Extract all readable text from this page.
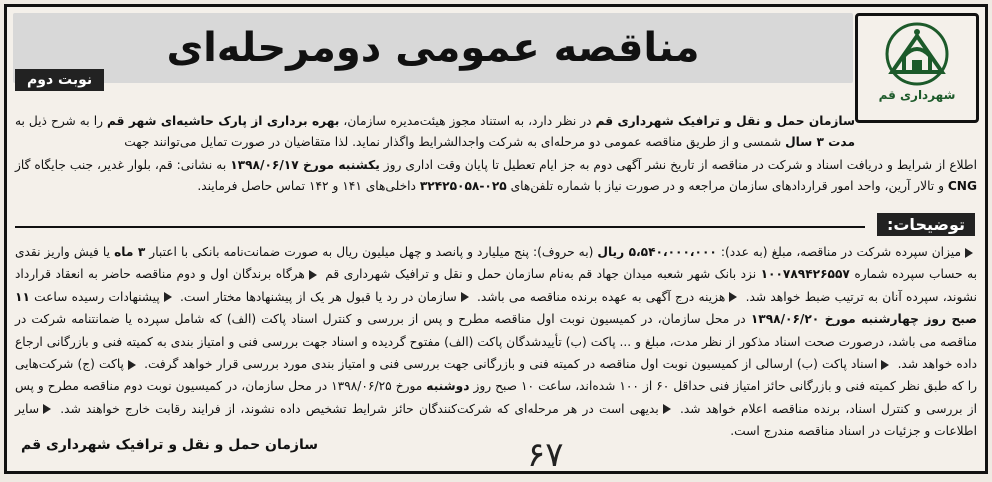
مناقصه عمومی دومرحله‌ای
نوبت دوم
شهرداری قم
سازمان حمل و نقل و ترافیک شهرداری قم در نظر دارد، به استناد مجوز هیئت‌مدیره سازمان، بهره برداری از پارک حاشیه‌ای شهر قم را به شرح ذیل به مدت ۳ سال شمسی و از طریق مناقصه عمومی دو مرحله‌ای به شرکت واجدالشرایط واگذار نماید. لذا متقاضیان در صورت تمایل می‌توانند جهت
اطلاع از شرایط و دریافت اسناد و شرکت در مناقصه از تاریخ نشر آگهی دوم به جز ایام تعطیل تا پایان وقت اداری روز یکشنبه مورخ ۱۳۹۸/۰۶/۱۷ به نشانی: قم، بلوار غدیر، جنب جایگاه گاز CNG و تالار آرین، واحد امور قراردادهای سازمان مراجعه و در صورت نیاز با شماره تلفن‌های ۰۲۵-۳۲۴۲۵۰۵۸ داخلی‌های ۱۴۱ و ۱۴۲ تماس حاصل فرمایند.
توضیحات:
میزان سپرده شرکت در مناقصه، مبلغ (به عدد): ۵،۵۴۰،۰۰۰،۰۰۰ ریال (به حروف): پنج میلیارد و پانصد و چهل میلیون ریال به صورت ضمانت‌نامه بانکی با اعتبار ۳ ماه یا فیش واریز نقدی به حساب سپرده شماره ۱۰۰۷۸۹۴۲۶۵۵۷ نزد بانک شهر شعبه میدان جهاد قم به‌نام سازمان حمل و نقل و ترافیک شهرداری قم هرگاه برندگان اول و دوم مناقصه حاضر به انعقاد قرارداد نشوند، سپرده آنان به ترتیب ضبط خواهد شد. هزینه درج آگهی به عهده برنده مناقصه می باشد. سازمان در رد یا قبول هر یک از پیشنهادها مختار است. پیشنهادات رسیده ساعت ۱۱ صبح روز چهارشنبه مورخ ۱۳۹۸/۰۶/۲۰ در محل سازمان، در کمیسیون نوبت اول مناقصه مطرح و پس از بررسی و کنترل اسناد پاکت (الف) که شامل سپرده یا ضمانتنامه شرکت در مناقصه می باشد، درصورت صحت اسناد مذکور از نظر مدت، مبلغ و ... پاکت (ب) تأییدشدگان پاکت (الف) مفتوح گردیده و اسناد جهت بررسی فنی و امتیاز بندی به کمیته فنی و بازرگانی ارجاع داده خواهد شد. اسناد پاکت (ب) ارسالی از کمیسیون نوبت اول مناقصه در کمیته فنی و بازرگانی جهت بررسی فنی و امتیاز بندی مورد بررسی قرار خواهد گرفت. پاکت (ج) شرکت‌هایی را که طبق نظر کمیته فنی و بازرگانی حائز امتیاز فنی حداقل ۶۰ از ۱۰۰ شده‌اند، ساعت ۱۰ صبح روز دوشنبه مورخ ۱۳۹۸/۰۶/۲۵ در محل سازمان، در کمیسیون نوبت دوم مناقصه مطرح و پس از بررسی و کنترل اسناد، برنده مناقصه اعلام خواهد شد. بدیهی است در هر مرحله‌ای که شرکت‌کنندگان حائز شرایط تشخیص داده نشوند، از فرایند رقابت خارج خواهند شد. سایر اطلاعات و جزئیات در اسناد مناقصه مندرج است.
سازمان حمل و نقل و ترافیک شهرداری قم	۶۷
